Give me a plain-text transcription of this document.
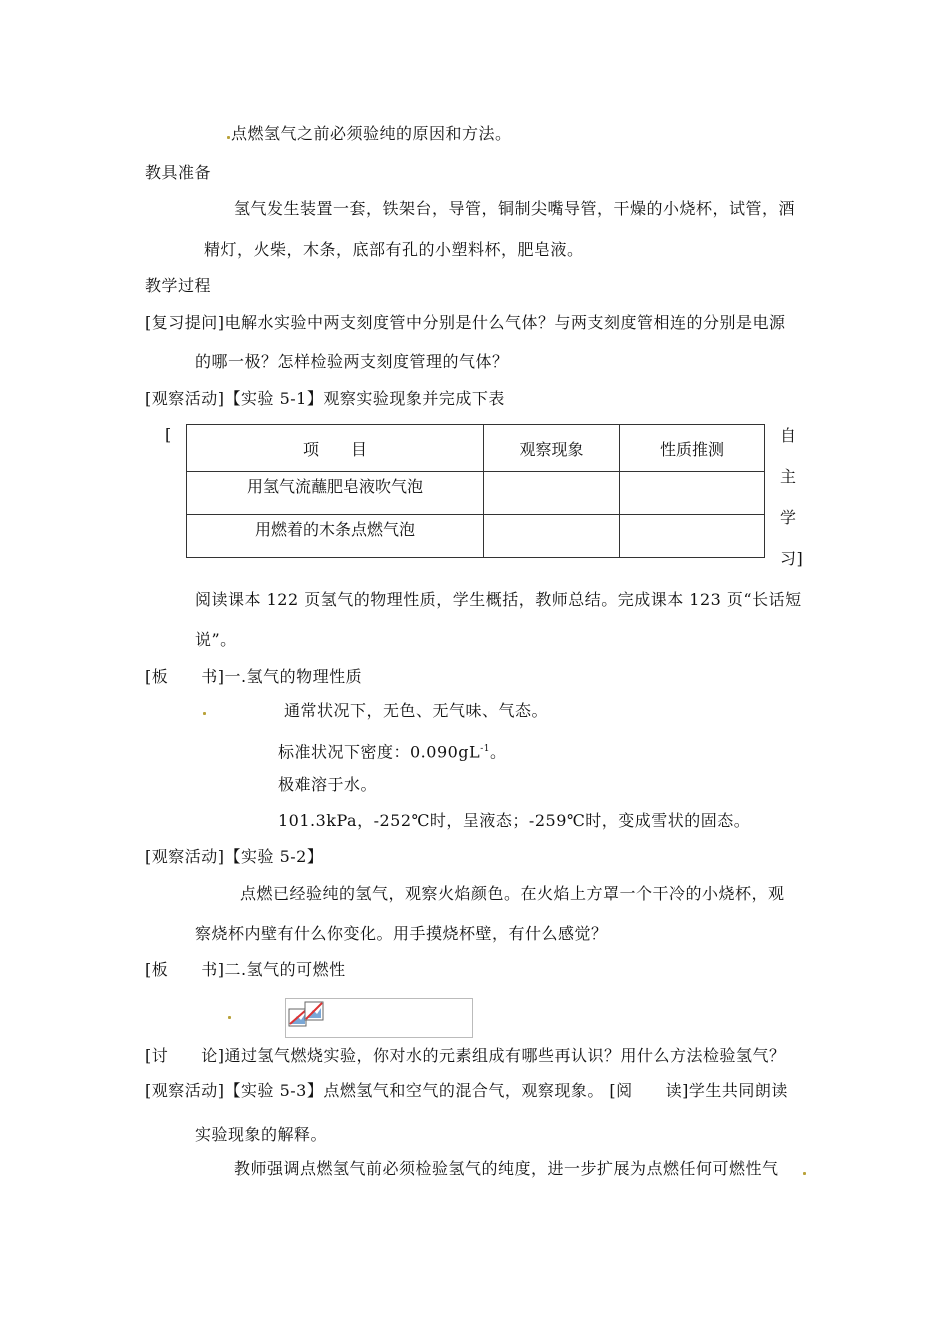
点燃氢气之前必须验纯的原因和方法。
教具准备
氢气发生装置一套，铁架台，导管，铜制尖嘴导管，干燥的小烧杯，试管，酒
精灯，火柴，木条，底部有孔的小塑料杯，肥皂液。
教学过程
[复习提问]电解水实验中两支刻度管中分别是什么气体？与两支刻度管相连的分别是电源
的哪一极？怎样检验两支刻度管理的气体？
[观察活动]【实验 5-1】观察实验现象并完成下表
[
项　　目	观察现象	性质推测
用氢气流蘸肥皂液吹气泡		
用燃着的木条点燃气泡		
自
主
学
习]
阅读课本 122 页氢气的物理性质，学生概括，教师总结。完成课本 123 页“长话短
说”。
[板　　书]一.氢气的物理性质
通常状况下，无色、无气味、气态。
标准状况下密度：$0.090gL^{-1}$。
极难溶于水。
101.3kPa，-252℃时，呈液态；-259℃时，变成雪状的固态。
[观察活动]【实验 5-2】
点燃已经验纯的氢气，观察火焰颜色。在火焰上方罩一个干冷的小烧杯，观
察烧杯内壁有什么你变化。用手摸烧杯壁，有什么感觉？
[板　　书]二.氢气的可燃性
[讨　　论]通过氢气燃烧实验，你对水的元素组成有哪些再认识？用什么方法检验氢气？
[观察活动]【实验 5-3】点燃氢气和空气的混合气，观察现象。 [阅　　读]学生共同朗读
实验现象的解释。
教师强调点燃氢气前必须检验氢气的纯度，进一步扩展为点燃任何可燃性气
